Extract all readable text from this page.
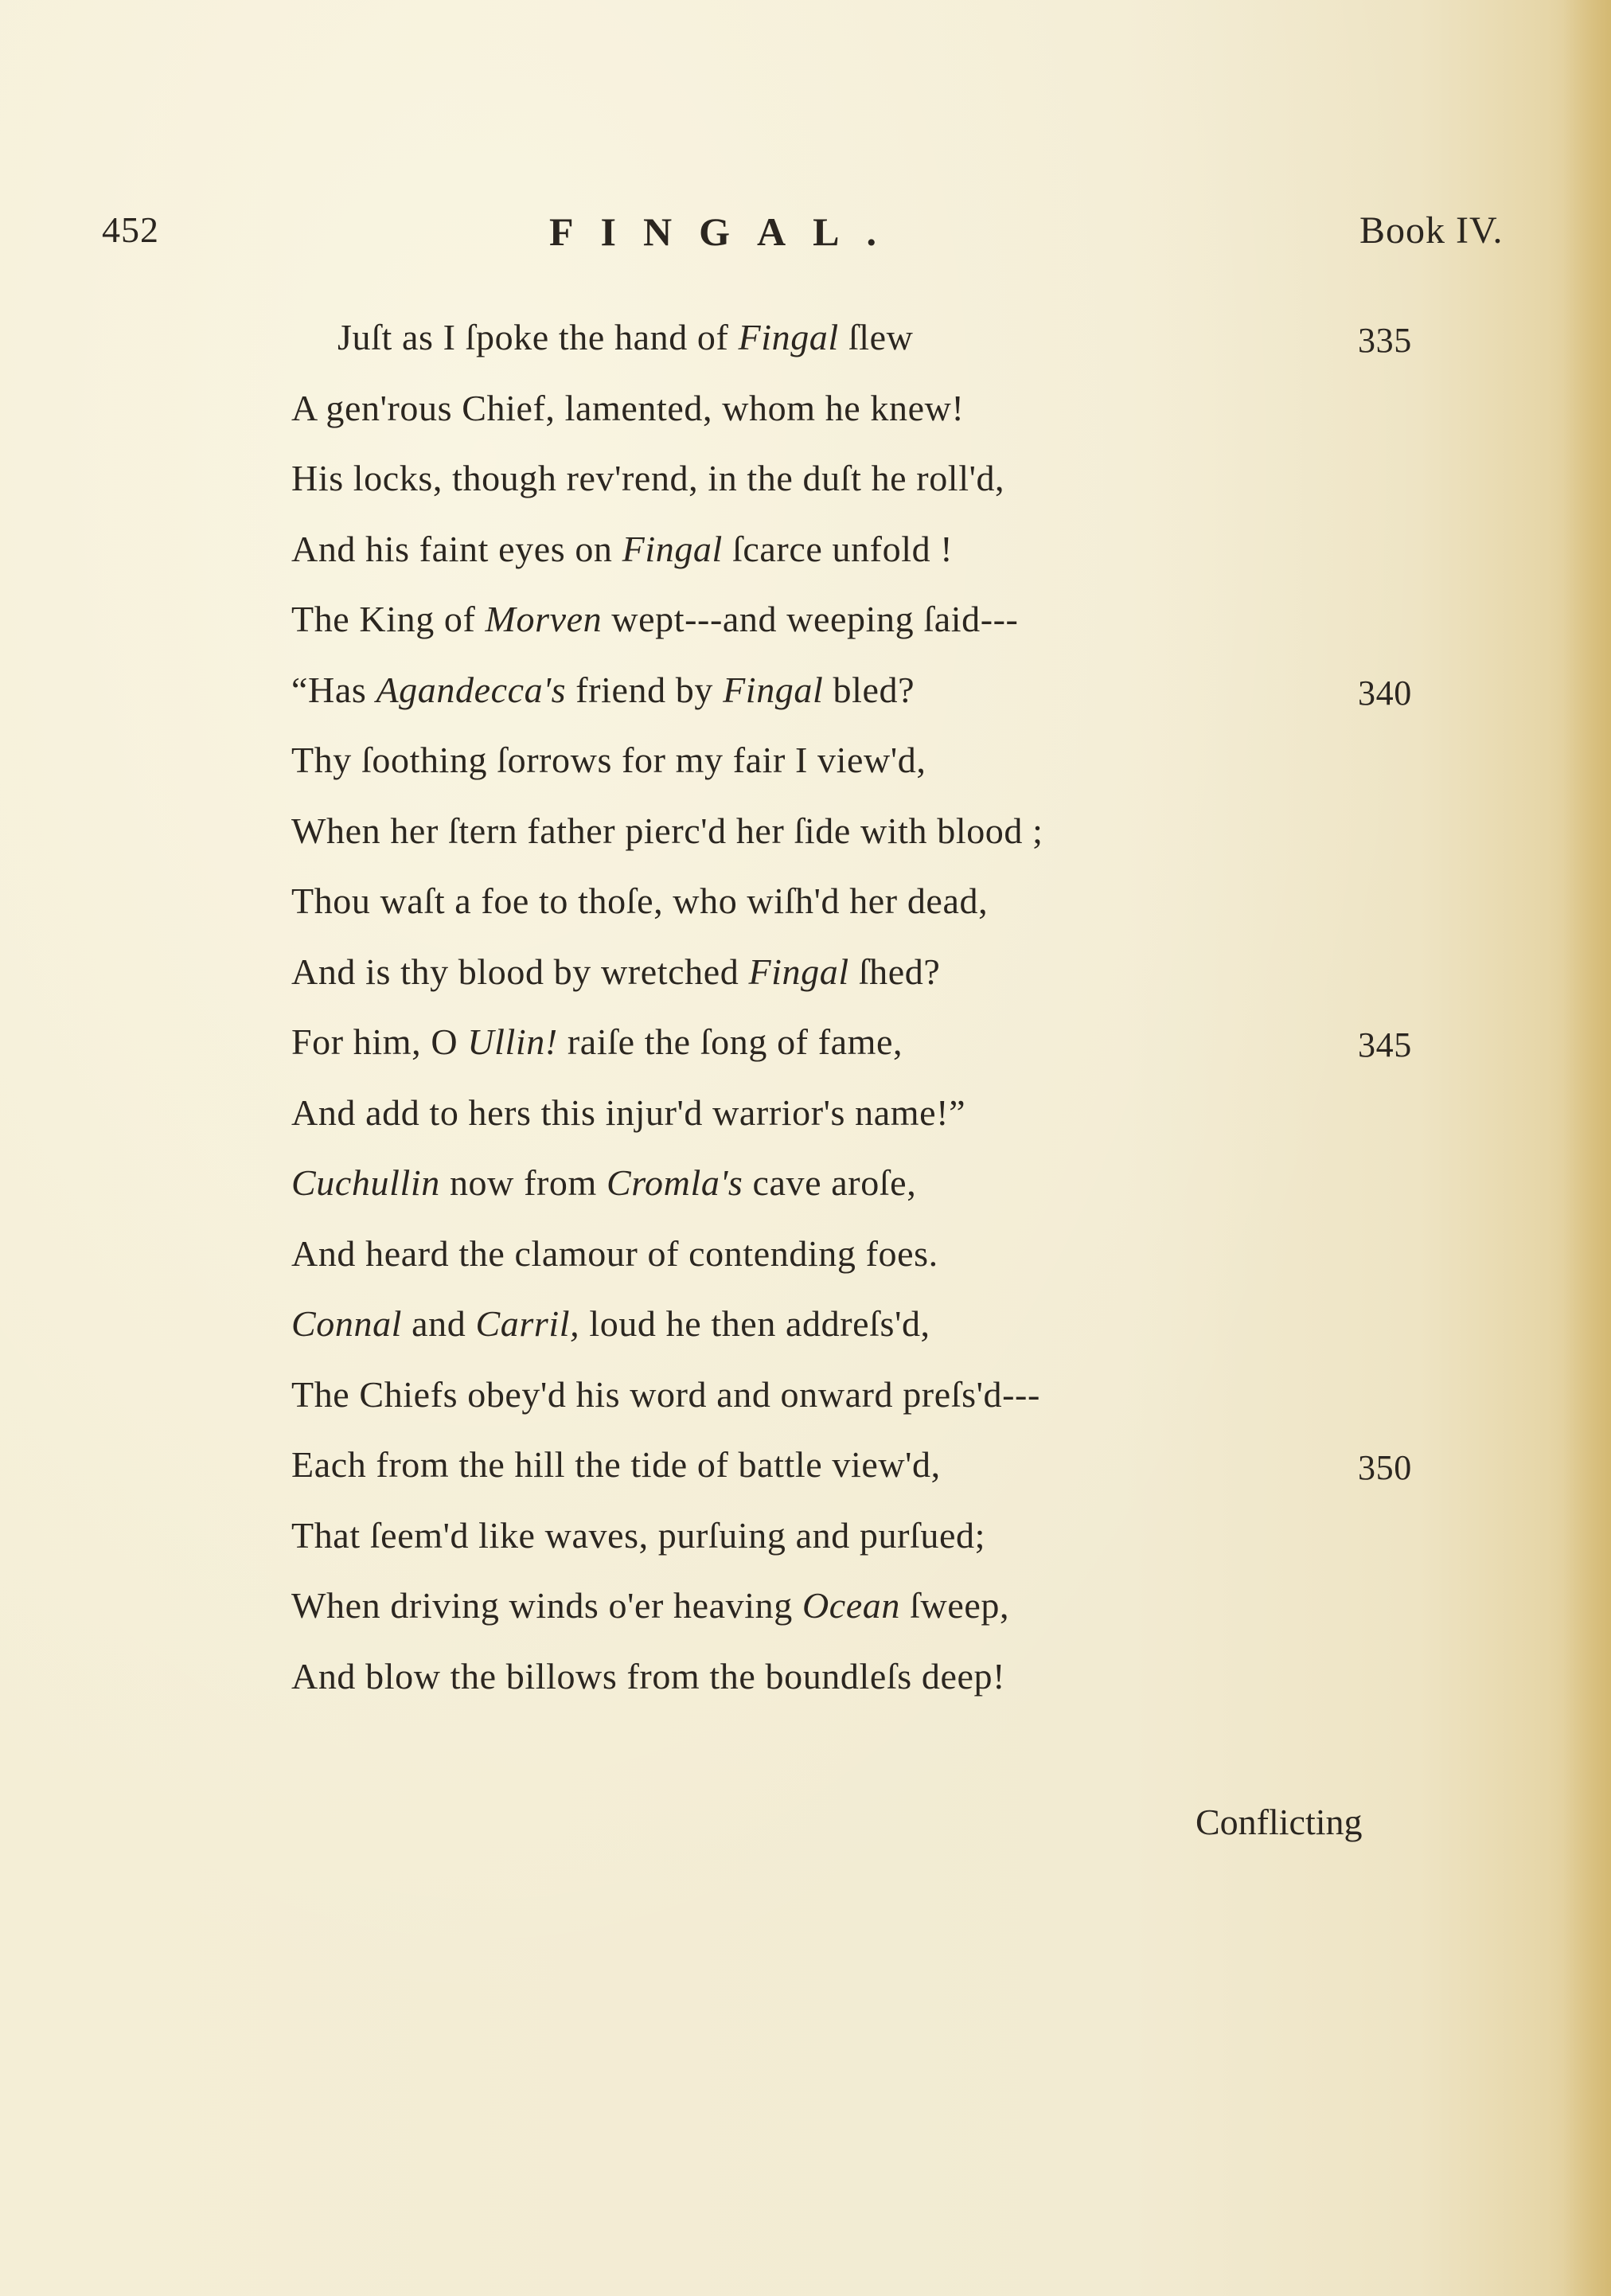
452	FINGAL.	Book IV.
Juſt as I ſpoke the hand of Fingal ſlew	335
A gen'rous Chief, lamented, whom he knew!
His locks, though rev'rend, in the duſt he roll'd,
And his faint eyes on Fingal ſcarce unfold !
The King of Morven wept---and weeping ſaid---
“Has Agandecca's friend by Fingal bled?	340
Thy ſoothing ſorrows for my fair I view'd,
When her ſtern father pierc'd her ſide with blood ;
Thou waſt a foe to thoſe, who wiſh'd her dead,
And is thy blood by wretched Fingal ſhed?
For him, O Ullin! raiſe the ſong of fame,	345
And add to hers this injur'd warrior's name!”
Cuchullin now from Cromla's cave aroſe,
And heard the clamour of contending foes.
Connal and Carril, loud he then addreſs'd,
The Chiefs obey'd his word and onward preſs'd---
Each from the hill the tide of battle view'd,	350
That ſeem'd like waves, purſuing and purſued;
When driving winds o'er heaving Ocean ſweep,
And blow the billows from the boundleſs deep!
Conflicting
